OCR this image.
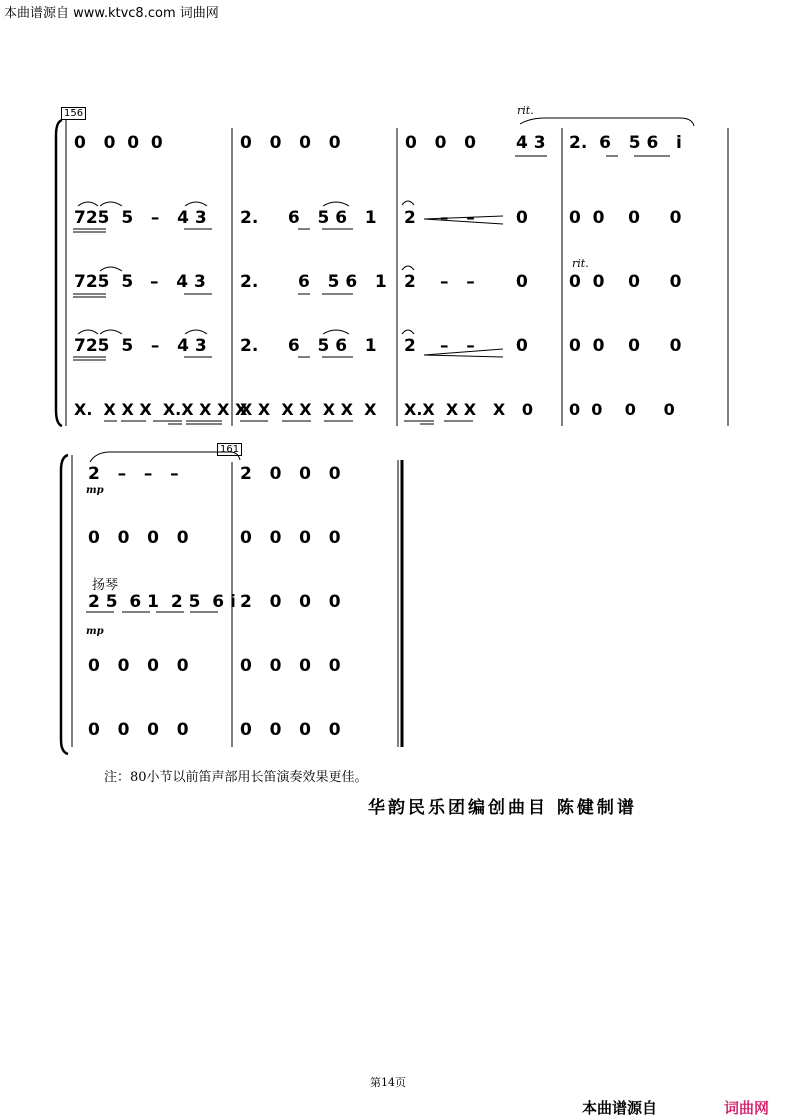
本曲谱源自 www.ktvc8.com 词曲网
156	rit.
rit.
0   0  0  0	0   0   0   0	0   0   0 4 3 2.  6   5 6   i
725  5   –   4 3 2.     6   5 6   1 2 –   – 0 0  0    0     0
725  5 –   4 3 2. 6   5 6   1 2 –   – 0 0  0    0     0
725  5   –   4 3 2.     6   5 6   1 2 –   – 0 0  0    0     0
X.  X X X  X.X X X X
X X  X X  X X  X X.X  X X   X   0 0  0    0     0
161
2   –   –   –
mp
2   0   0   0
0   0   0   0	0   0   0   0
扬琴
2 5  6 1  2 5  6 i
mp
2   0   0   0
0   0   0   0	0   0   0   0
0   0   0   0	0   0   0   0
注：80小节以前笛声部用长笛演奏效果更佳。
华韵民乐团编创曲目 陈健制谱
第14页
本曲谱源自	词曲网
